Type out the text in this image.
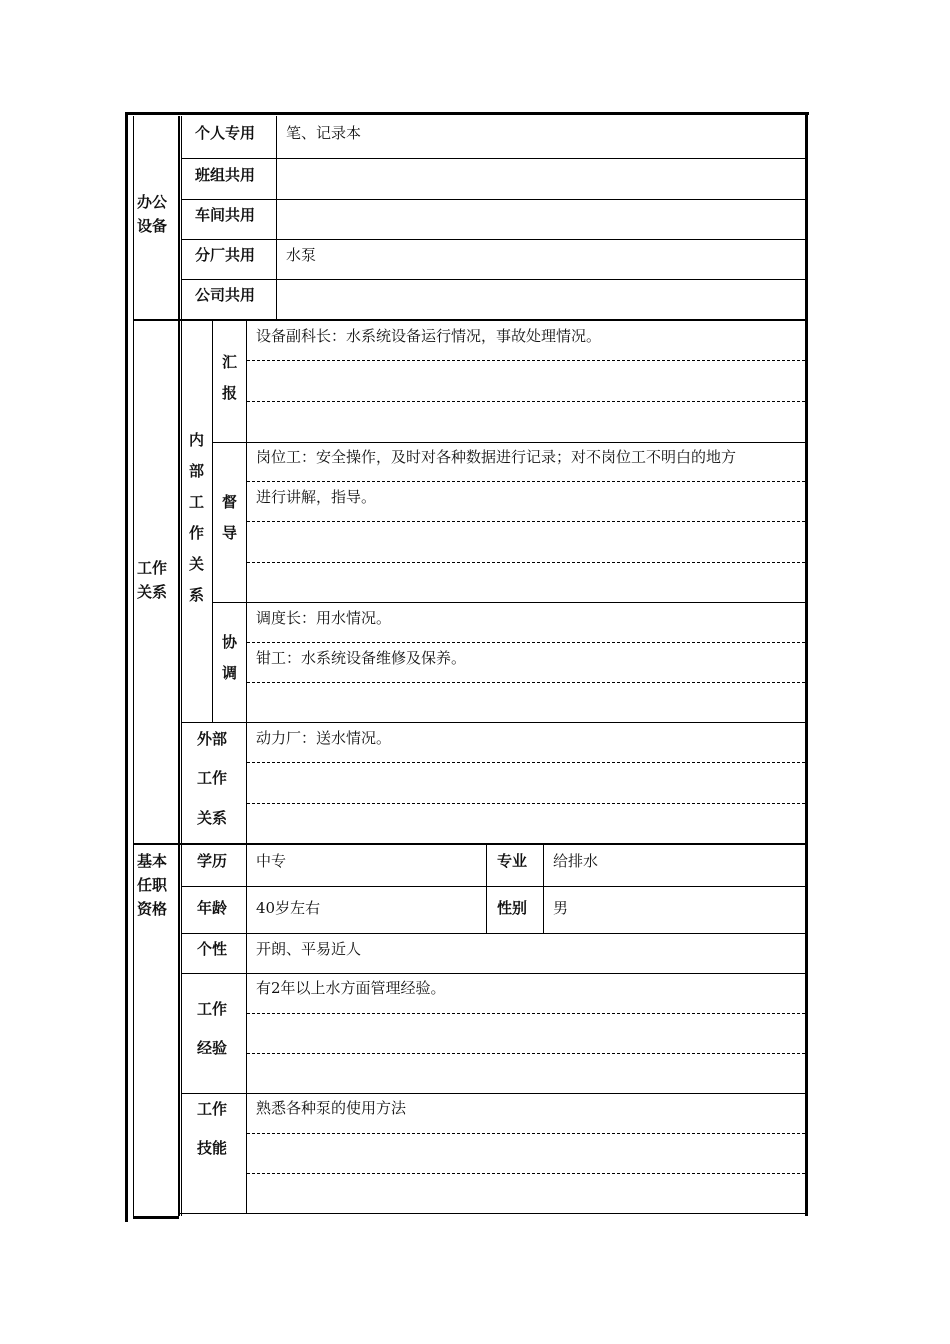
办公
设备
个人专用 笔、记录本
班组共用
车间共用
分厂共用 水泵
公司共用
工作
关系
内
部
工
作
关
系
汇
报
设备副科长：水系统设备运行情况，事故处理情况。
督
导
岗位工：安全操作，及时对各种数据进行记录；对不岗位工不明白的地方
进行讲解，指导。
协
调
调度长：用水情况。
钳工：水系统设备维修及保养。
外部
工作
关系
动力厂：送水情况。
基本
任职
资格
学历 中专	专业 给排水
年龄 40岁左右	性别 男
个性 开朗、平易近人
工作
经验
有2年以上水方面管理经验。
工作
技能
熟悉各种泵的使用方法
